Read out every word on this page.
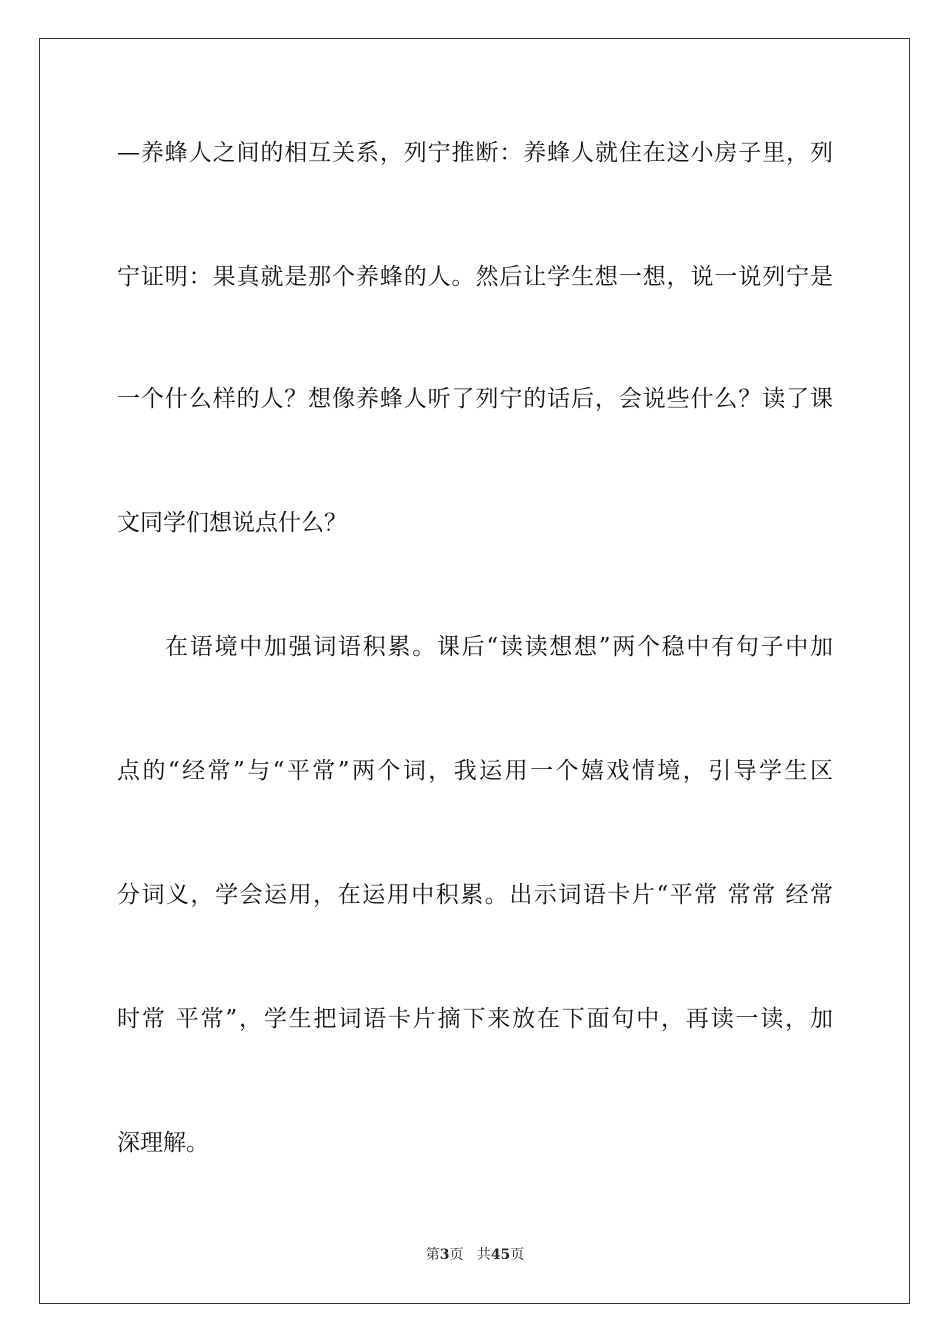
—养蜂人之间的相互关系，列宁推断：养蜂人就住在这小房子里，列
宁证明：果真就是那个养蜂的人。然后让学生想一想，说一说列宁是
一个什么样的人？想像养蜂人听了列宁的话后，会说些什么？读了课
文同学们想说点什么？
在语境中加强词语积累。课后“读读想想”两个稳中有句子中加
点的“经常”与“平常”两个词，我运用一个嬉戏情境，引导学生区
分词义，学会运用，在运用中积累。出示词语卡片“平常 常常 经常
时常 平常”，学生把词语卡片摘下来放在下面句中，再读一读，加
深理解。
第3页   共45页
